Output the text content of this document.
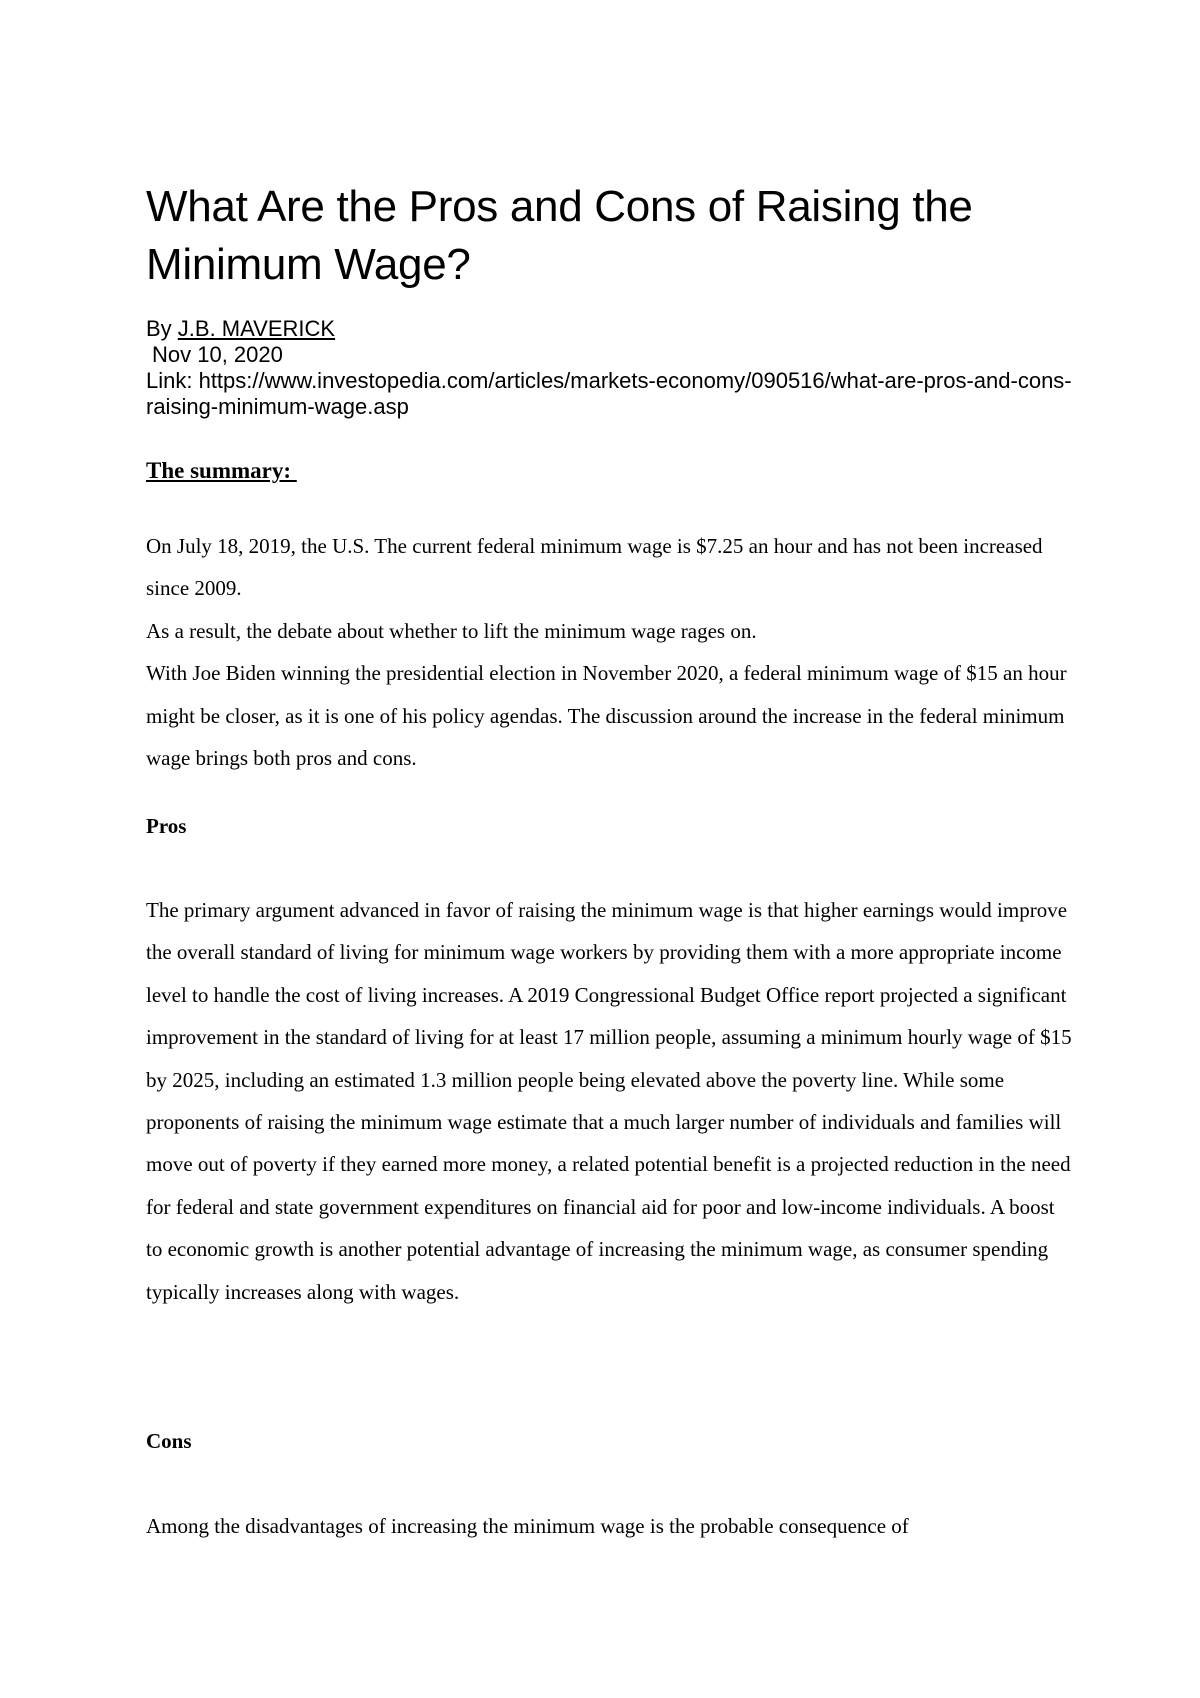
What Are the Pros and Cons of Raising the Minimum Wage?
By J.B. MAVERICK
Nov 10, 2020
Link: https://www.investopedia.com/articles/markets-economy/090516/what-are-pros-and-cons-raising-minimum-wage.asp
The summary:

On July 18, 2019, the U.S. The current federal minimum wage is $7.25 an hour and has not been increased since 2009.

As a result, the debate about whether to lift the minimum wage rages on.

With Joe Biden winning the presidential election in November 2020, a federal minimum wage of $15 an hour might be closer, as it is one of his policy agendas. The discussion around the increase in the federal minimum wage brings both pros and cons.

Pros

The primary argument advanced in favor of raising the minimum wage is that higher earnings would improve the overall standard of living for minimum wage workers by providing them with a more appropriate income level to handle the cost of living increases. A 2019 Congressional Budget Office report projected a significant improvement in the standard of living for at least 17 million people, assuming a minimum hourly wage of $15 by 2025, including an estimated 1.3 million people being elevated above the poverty line. While some proponents of raising the minimum wage estimate that a much larger number of individuals and families will move out of poverty if they earned more money, a related potential benefit is a projected reduction in the need for federal and state government expenditures on financial aid for poor and low-income individuals. A boost to economic growth is another potential advantage of increasing the minimum wage, as consumer spending typically increases along with wages.

Cons

Among the disadvantages of increasing the minimum wage is the probable consequence of
